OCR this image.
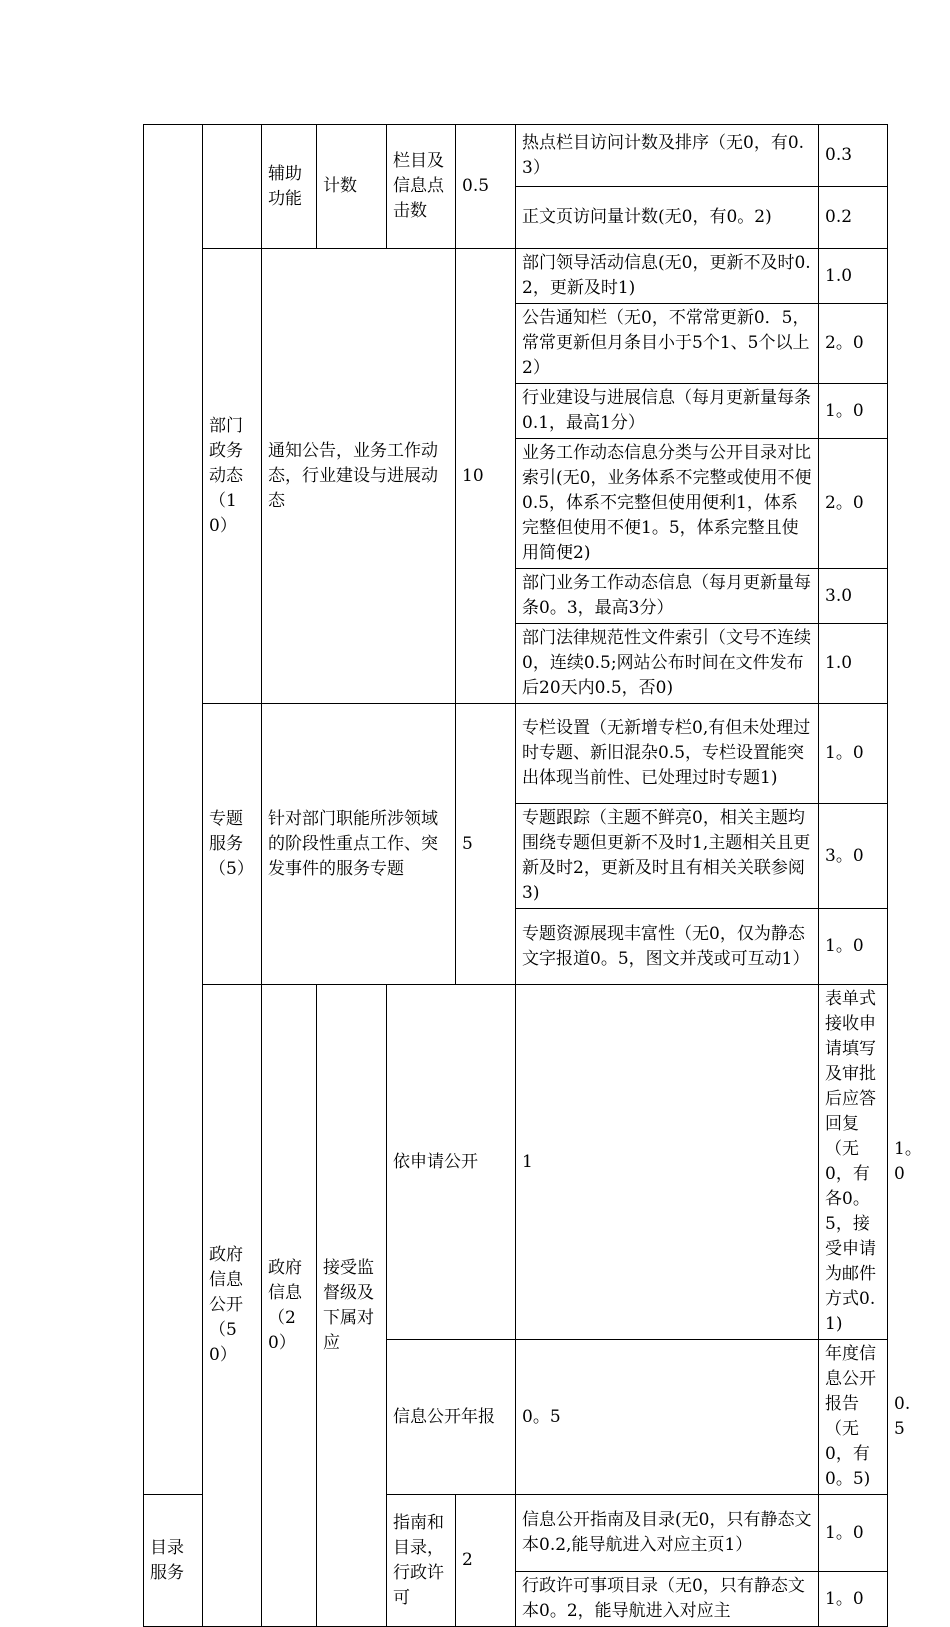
		辅助功能	计数	栏目及信息点击数	0.5	热点栏目访问计数及排序（无0，有0.3）	0.3	
						正文页访问量计数(无0，有0。2)	0.2	
	部门政务动态（10）	通知公告，业务工作动态，行业建设与进展动态			10	部门领导活动信息(无0，更新不及时0.2，更新及时1)	1.0	
						公告通知栏（无0，不常常更新0．5，常常更新但月条目小于5个1、5个以上2）	2。0	
						行业建设与进展信息（每月更新量每条0.1，最高1分）	1。0	
						业务工作动态信息分类与公开目录对比索引(无0，业务体系不完整或使用不便0.5，体系不完整但使用便利1，体系完整但使用不便1。5，体系完整且使用简便2)	2。0	
						部门业务工作动态信息（每月更新量每条0。3，最高3分）	3.0	
						部门法律规范性文件索引（文号不连续0，连续0.5;网站公布时间在文件发布后20天内0.5，否0)	1.0	
	专题服务（5）	针对部门职能所涉领域的阶段性重点工作、突发事件的服务专题			5	专栏设置（无新增专栏0,有但未处理过时专题、新旧混杂0.5，专栏设置能突出体现当前性、已处理过时专题1)	1。0	
						专题跟踪（主题不鲜亮0，相关主题均围绕专题但更新不及时1,主题相关且更新及时2，更新及时且有相关关联参阅3)	3。0	
						专题资源展现丰富性（无0，仅为静态文字报道0。5，图文并茂或可互动1）	1。0	
	政府信息公开（50）	政府信息（20）	接受监督级及下属对应	依申请公开		1	表单式接收申请填写及审批后应答回复（无0，有各0。5，接受申请为邮件方式0.1)	1。0
				信息公开年报		0。5	年度信息公开报告（无0，有0。5)	0.5
目录服务				指南和目录，行政许可	2	信息公开指南及目录(无0，只有静态文本0.2,能导航进入对应主页1）	1。0	
						行政许可事项目录（无0，只有静态文本0。2，能导航进入对应主	1。0	
